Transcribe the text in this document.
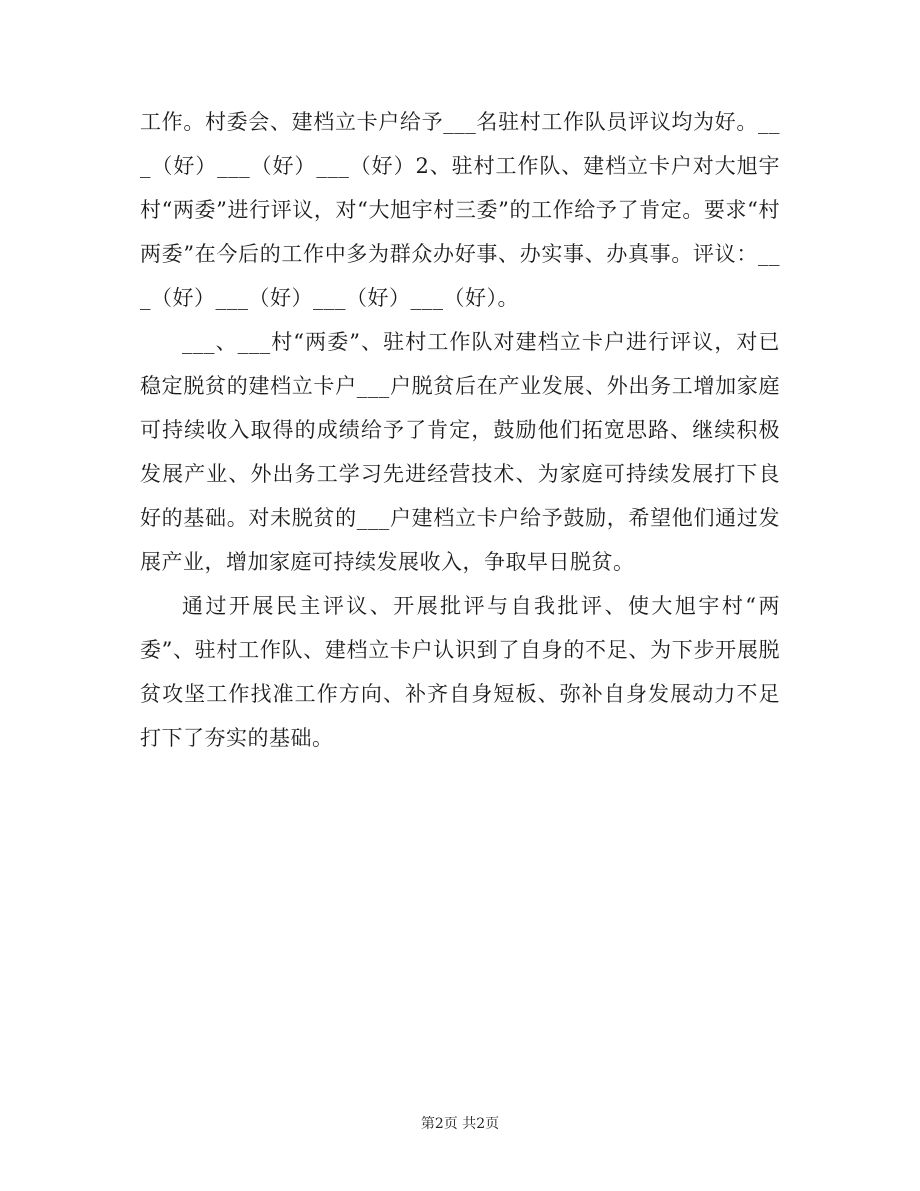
工作。村委会、建档立卡户给予___名驻村工作队员评议均为好。___（好）___（好）___（好）2、驻村工作队、建档立卡户对大旭宇村“两委”进行评议，对“大旭宇村三委”的工作给予了肯定。要求“村两委”在今后的工作中多为群众办好事、办实事、办真事。评议：___（好）___（好）___（好）___（好）。

___、___村“两委”、驻村工作队对建档立卡户进行评议，对已稳定脱贫的建档立卡户___户脱贫后在产业发展、外出务工增加家庭可持续收入取得的成绩给予了肯定，鼓励他们拓宽思路、继续积极发展产业、外出务工学习先进经营技术、为家庭可持续发展打下良好的基础。对未脱贫的___户建档立卡户给予鼓励，希望他们通过发展产业，增加家庭可持续发展收入，争取早日脱贫。

通过开展民主评议、开展批评与自我批评、使大旭宇村“两委”、驻村工作队、建档立卡户认识到了自身的不足、为下步开展脱贫攻坚工作找准工作方向、补齐自身短板、弥补自身发展动力不足打下了夯实的基础。

第2页 共2页
